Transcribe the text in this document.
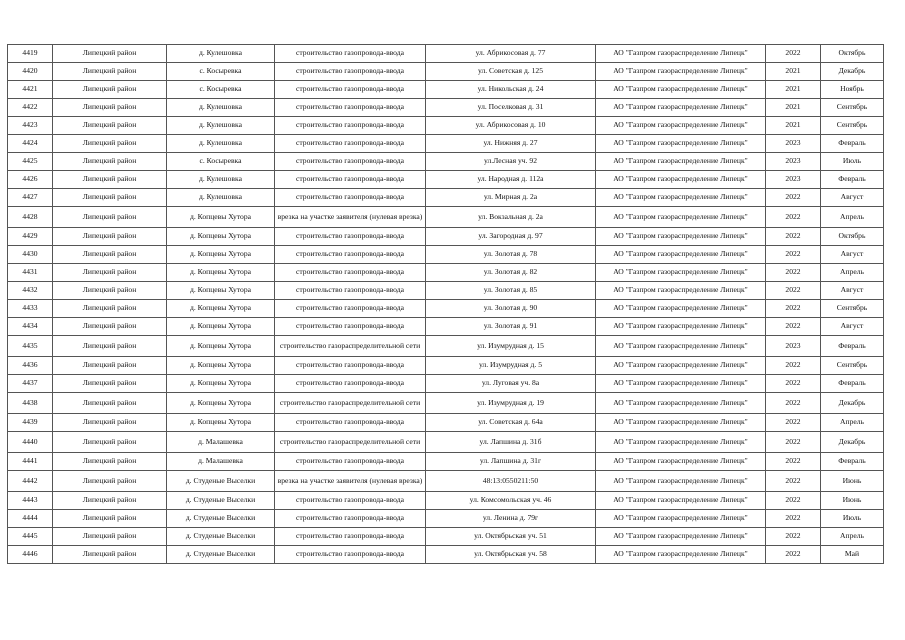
4419	Липецкий район	д. Кулешовка	строительство газопровода-ввода	ул. Абрикосовая д. 77	АО "Газпром газораспределение Липецк"	2022	Октябрь
4420	Липецкий район	с. Косыревка	строительство газопровода-ввода	ул. Советская д. 125	АО "Газпром газораспределение Липецк"	2021	Декабрь
4421	Липецкий район	с. Косыревка	строительство газопровода-ввода	ул. Никольская д. 24	АО "Газпром газораспределение Липецк"	2021	Ноябрь
4422	Липецкий район	д. Кулешовка	строительство газопровода-ввода	ул. Поселковая д. 31	АО "Газпром газораспределение Липецк"	2021	Сентябрь
4423	Липецкий район	д. Кулешовка	строительство газопровода-ввода	ул. Абрикосовая д. 10	АО "Газпром газораспределение Липецк"	2021	Сентябрь
4424	Липецкий район	д. Кулешовка	строительство газопровода-ввода	ул. Нижняя д. 27	АО "Газпром газораспределение Липецк"	2023	Февраль
4425	Липецкий район	с. Косыревка	строительство газопровода-ввода	ул.Лесная уч. 92	АО "Газпром газораспределение Липецк"	2023	Июль
4426	Липецкий район	д. Кулешовка	строительство газопровода-ввода	ул. Народная д. 112а	АО "Газпром газораспределение Липецк"	2023	Февраль
4427	Липецкий район	д. Кулешовка	строительство газопровода-ввода	ул. Мирная д. 2а	АО "Газпром газораспределение Липецк"	2022	Август
4428	Липецкий район	д. Копцевы Хутора	врезка на участке заявителя (нулевая врезка)	ул. Вокзальная д. 2а	АО "Газпром газораспределение Липецк"	2022	Апрель
4429	Липецкий район	д. Копцевы Хутора	строительство газопровода-ввода	ул. Загородная д. 97	АО "Газпром газораспределение Липецк"	2022	Октябрь
4430	Липецкий район	д. Копцевы Хутора	строительство газопровода-ввода	ул. Золотая д. 78	АО "Газпром газораспределение Липецк"	2022	Август
4431	Липецкий район	д. Копцевы Хутора	строительство газопровода-ввода	ул. Золотая д. 82	АО "Газпром газораспределение Липецк"	2022	Апрель
4432	Липецкий район	д. Копцевы Хутора	строительство газопровода-ввода	ул. Золотая д. 85	АО "Газпром газораспределение Липецк"	2022	Август
4433	Липецкий район	д. Копцевы Хутора	строительство газопровода-ввода	ул. Золотая д. 90	АО "Газпром газораспределение Липецк"	2022	Сентябрь
4434	Липецкий район	д. Копцевы Хутора	строительство газопровода-ввода	ул. Золотая д. 91	АО "Газпром газораспределение Липецк"	2022	Август
4435	Липецкий район	д. Копцевы Хутора	строительство газораспределительной сети	ул. Изумрудная д. 15	АО "Газпром газораспределение Липецк"	2023	Февраль
4436	Липецкий район	д. Копцевы Хутора	строительство газопровода-ввода	ул. Изумрудная д. 5	АО "Газпром газораспределение Липецк"	2022	Сентябрь
4437	Липецкий район	д. Копцевы Хутора	строительство газопровода-ввода	ул. Луговая уч. 8а	АО "Газпром газораспределение Липецк"	2022	Февраль
4438	Липецкий район	д. Копцевы Хутора	строительство газораспределительной сети	ул. Изумрудная д. 19	АО "Газпром газораспределение Липецк"	2022	Декабрь
4439	Липецкий район	д. Копцевы Хутора	строительство газопровода-ввода	ул. Советская д. 64а	АО "Газпром газораспределение Липецк"	2022	Апрель
4440	Липецкий район	д. Малашевка	строительство газораспределительной сети	ул. Лапшина д. 31б	АО "Газпром газораспределение Липецк"	2022	Декабрь
4441	Липецкий район	д. Малашевка	строительство газопровода-ввода	ул. Лапшина д. 31г	АО "Газпром газораспределение Липецк"	2022	Февраль
4442	Липецкий район	д. Студеные Выселки	врезка на участке заявителя (нулевая врезка)	48:13:0550211:50	АО "Газпром газораспределение Липецк"	2022	Июнь
4443	Липецкий район	д. Студеные Выселки	строительство газопровода-ввода	ул. Комсомольская уч. 46	АО "Газпром газораспределение Липецк"	2022	Июнь
4444	Липецкий район	д. Студеные Выселки	строительство газопровода-ввода	ул. Ленина д. 79г	АО "Газпром газораспределение Липецк"	2022	Июль
4445	Липецкий район	д. Студеные Выселки	строительство газопровода-ввода	ул. Октябрьская уч. 51	АО "Газпром газораспределение Липецк"	2022	Апрель
4446	Липецкий район	д. Студеные Выселки	строительство газопровода-ввода	ул. Октябрьская уч. 58	АО "Газпром газораспределение Липецк"	2022	Май
